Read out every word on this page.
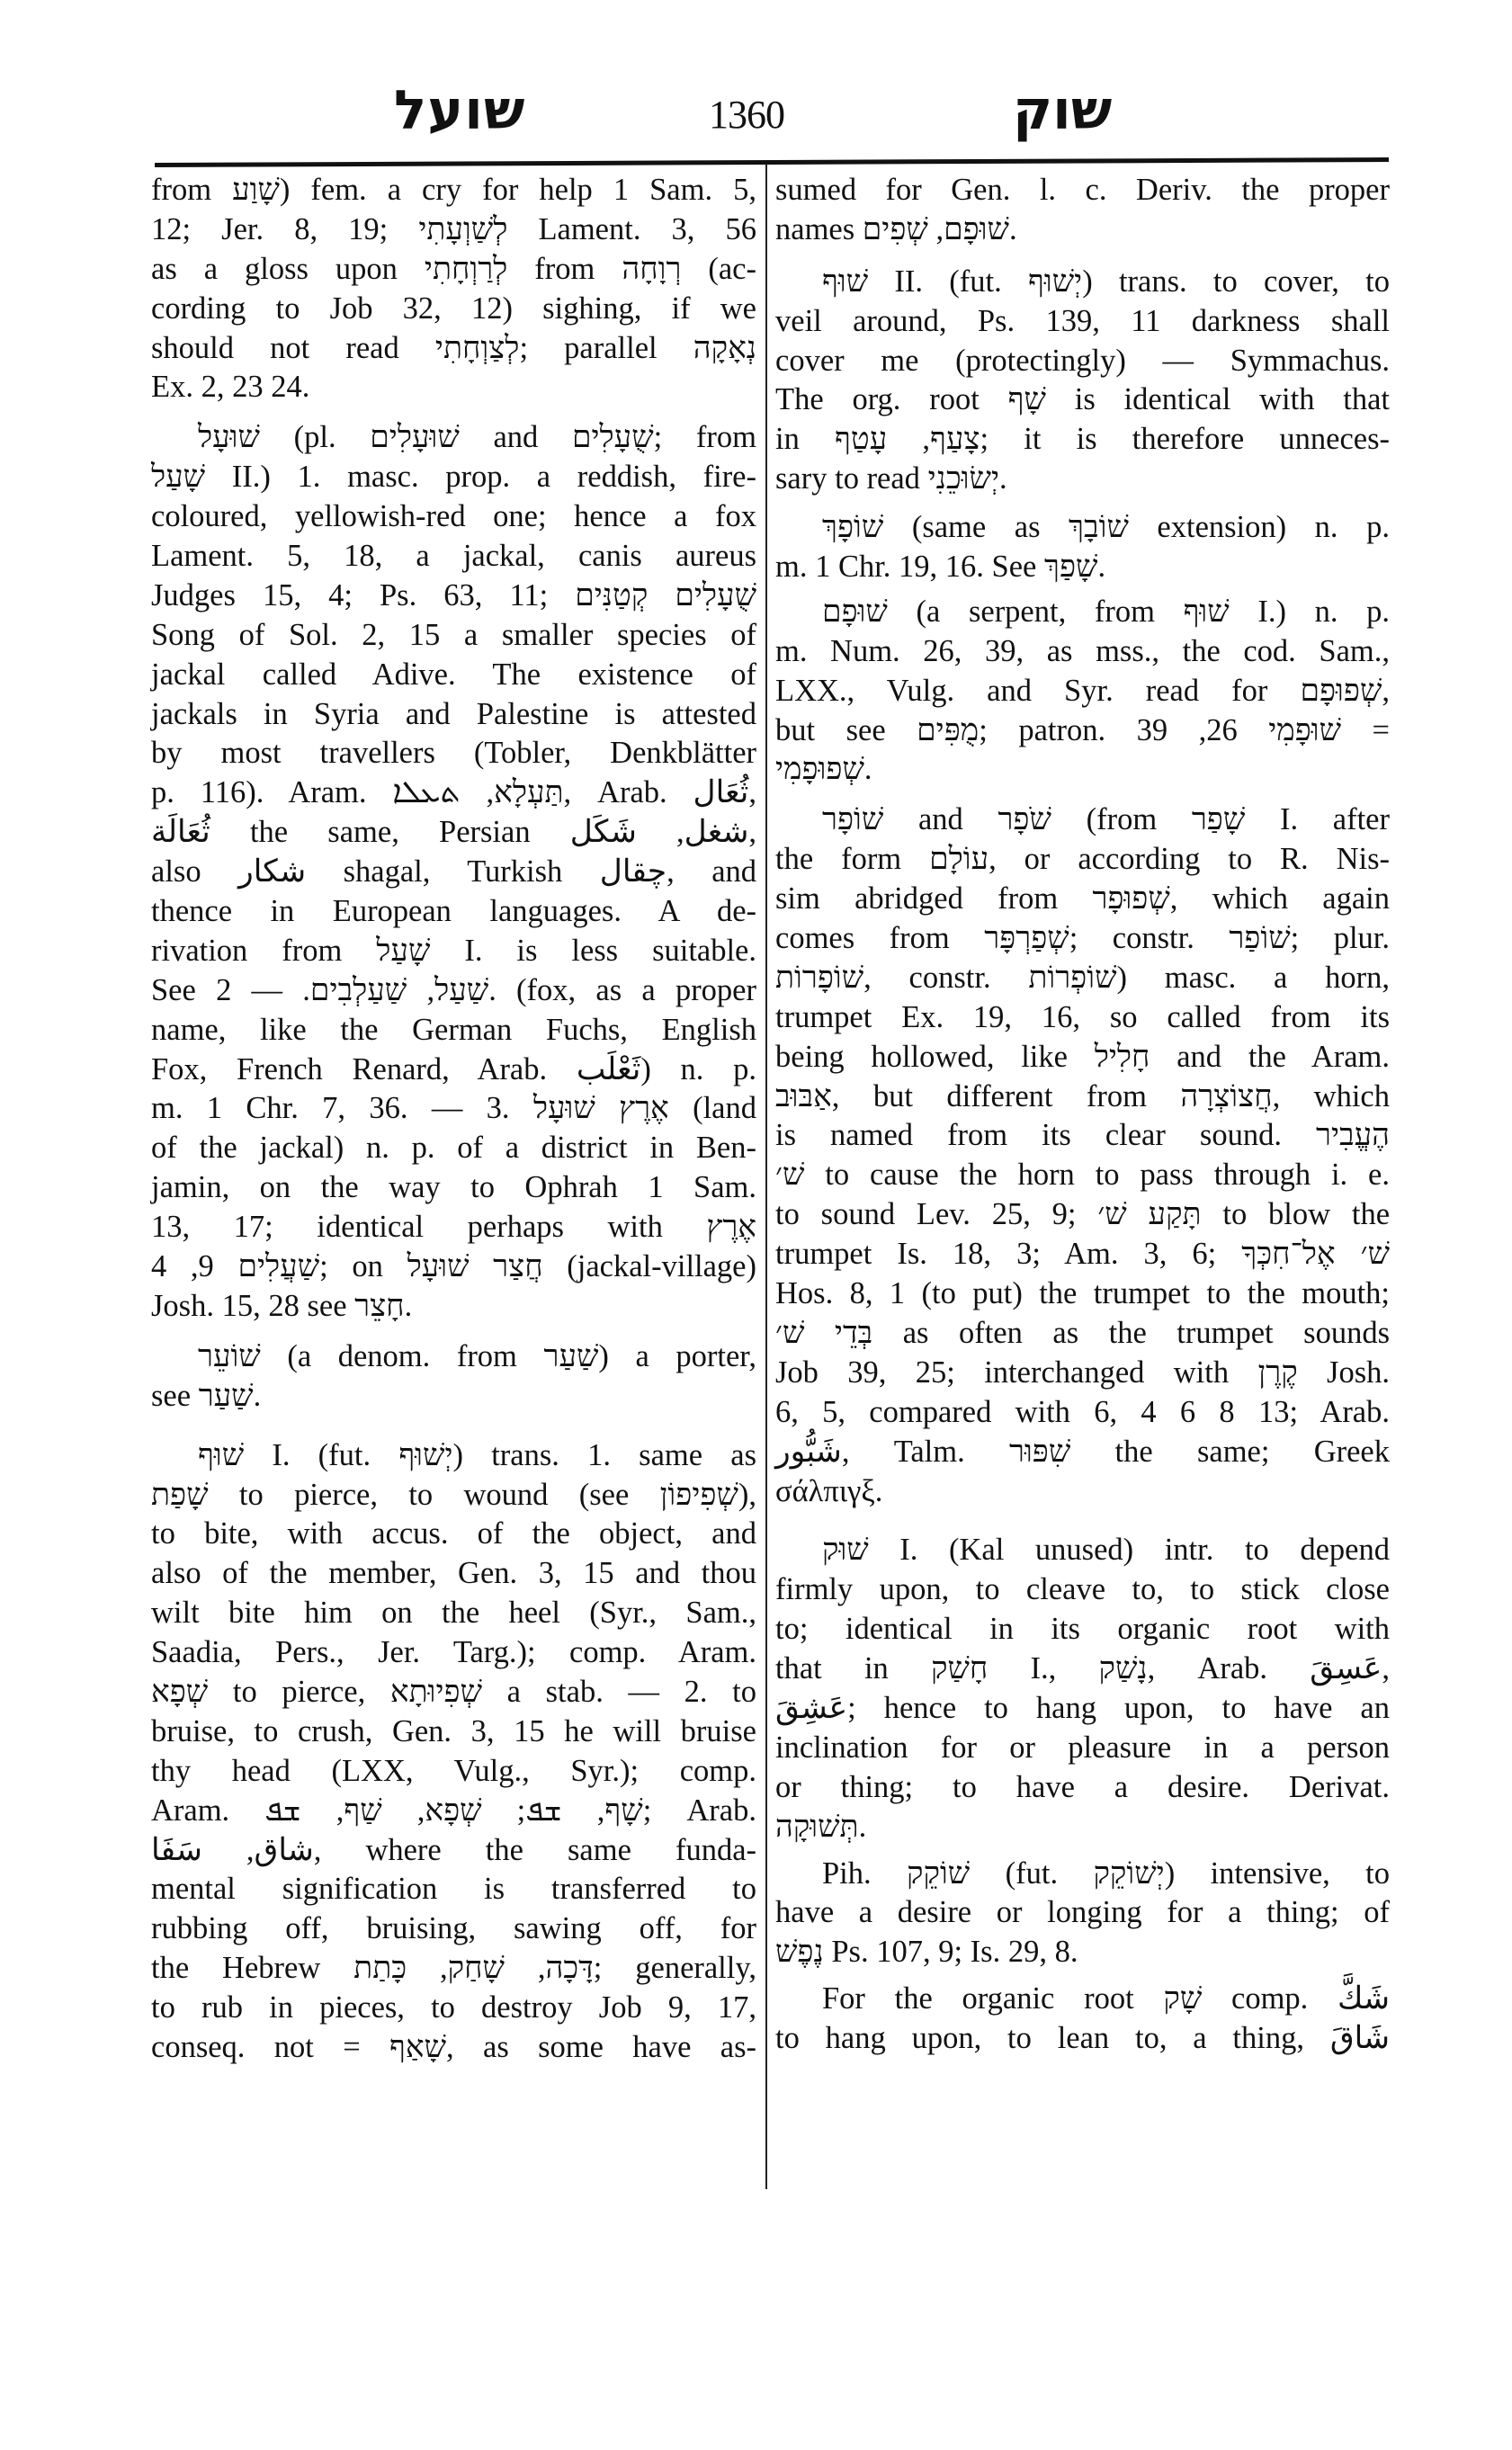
שועל	1360	שוק
from שָׁוַע) fem. a cry for help 1 Sam. 5,
12; Jer. 8, 19; לְשַׁוְעָתִי Lament. 3, 56
as a gloss upon לְרַוְחָתִי from רְוָחָה (ac-
cording to Job 32, 12) sighing, if we
should not read לְצַוְחָתִי; parallel נְאָקָה
Ex. 2, 23 24.
שׁוּעָל (pl. שׁוּעָלִים and שֻׁעָלִים; from
שָׁעַל II.) 1. masc. prop. a reddish, fire-
coloured, yellowish-red one; hence a fox
Lament. 5, 18, a jackal, canis aureus
Judges 15, 4; Ps. 63, 11; שֻׁעָלִים קְטַנִּים
Song of Sol. 2, 15 a smaller species of
jackal called Adive. The existence of
jackals in Syria and Palestine is attested
by most travellers (Tobler, Denkblätter
p. 116). Aram. תַּעְלָא, ܬܥܠܐ, Arab. ثُعَال,
ثُعَالَة the same, Persian شغل, شَكَل,
also شكار shagal, Turkish چقال, and
thence in European languages. A de-
rivation from שָׁעַל I. is less suitable.
See שַׁעַל, שַׁעַלְבִים. — 2. (fox, as a proper
name, like the German Fuchs, English
Fox, French Renard, Arab. ثَعْلَب) n. p.
m. 1 Chr. 7, 36. — 3. אֶרֶץ שׁוּעָל (land
of the jackal) n. p. of a district in Ben-
jamin, on the way to Ophrah 1 Sam.
13, 17; identical perhaps with אֶרֶץ
שַׁעֲלִים 9, 4; on חֲצַר שׁוּעָל (jackal-village)
Josh. 15, 28 see חָצֵר.
שׁוֹעֵר (a denom. from שַׁעַר) a porter,
see שַׁעַר.
שׁוּף I. (fut. יְשׁוּף) trans. 1. same as
שָׁפַת to pierce, to wound (see שְׁפִיפוֹן),
to bite, with accus. of the object, and
also of the member, Gen. 3, 15 and thou
wilt bite him on the heel (Syr., Sam.,
Saadia, Pers., Jer. Targ.); comp. Aram.
שְׁפָא to pierce, שְׁפִיוּתָא a stab. — 2. to
bruise, to crush, Gen. 3, 15 he will bruise
thy head (LXX, Vulg., Syr.); comp.
Aram. שָׁף, ܫܦ; שְׁפָא, שַׁף, ܫܦ; Arab.
شاق, سَفَا, where the same funda-
mental signification is transferred to
rubbing off, bruising, sawing off, for
the Hebrew דָּכָה, שָׁחַק, כָּתַת; generally,
to rub in pieces, to destroy Job 9, 17,
conseq. not = שָׁאַף, as some have as-
sumed for Gen. l. c. Deriv. the proper
names שׁוּפָם, שְׁפִים.
שׁוּף II. (fut. יְשׁוּף) trans. to cover, to
veil around, Ps. 139, 11 darkness shall
cover me (protectingly) — Symmachus.
The org. root שָׁף is identical with that
in צָעַף, עָטַף; it is therefore unneces-
sary to read יְשׂוּכֵנִי.
שׁוֹפָךְ (same as שׁוֹבָךְ extension) n. p.
m. 1 Chr. 19, 16. See שָׁפַךְ.
שׁוּפָם (a serpent, from שׁוּף I.) n. p.
m. Num. 26, 39, as mss., the cod. Sam.,
LXX., Vulg. and Syr. read for שְׁפוּפָם,
but see מֻפִּים; patron. שׁוּפָמִי 26, 39 =
שְׁפוּפָמִי.
שׁוֹפָר and שֹׁפָר (from שָׁפַר I. after
the form עוֹלָם, or according to R. Nis-
sim abridged from שְׁפוּפָר, which again
comes from שְׁפַרְפָּר; constr. שׁוֹפַר; plur.
שׁוֹפָרוֹת, constr. שׁוֹפְרוֹת) masc. a horn,
trumpet Ex. 19, 16, so called from its
being hollowed, like חָלִיל and the Aram.
אַבּוּב, but different from חֲצוֹצְרָה, which
is named from its clear sound. הֶעֱבִיר
שׁ׳ to cause the horn to pass through i. e.
to sound Lev. 25, 9; תָּקַע שׁ׳ to blow the
trumpet Is. 18, 3; Am. 3, 6; שׁ׳ אֶל־חִכְּךָ
Hos. 8, 1 (to put) the trumpet to the mouth;
בְּדֵי שׁ׳ as often as the trumpet sounds
Job 39, 25; interchanged with קֶרֶן Josh.
6, 5, compared with 6, 4 6 8 13; Arab.
شَبُّور, Talm. שִׁפּוּר the same; Greek
σάλπιγξ.
שׁוּק I. (Kal unused) intr. to depend
firmly upon, to cleave to, to stick close
to; identical in its organic root with
that in חָשַׁק I., נָשַׁק, Arab. عَسِقَ,
عَشِقَ; hence to hang upon, to have an
inclination for or pleasure in a person
or thing; to have a desire. Derivat.
תְּשׁוּקָה.
Pih. שׁוֹקֵק (fut. יְשׁוֹקֵק) intensive, to
have a desire or longing for a thing; of
נֶפֶשׁ Ps. 107, 9; Is. 29, 8.
For the organic root שָׁק comp. شَكَّ
to hang upon, to lean to, a thing, شَاقَ
